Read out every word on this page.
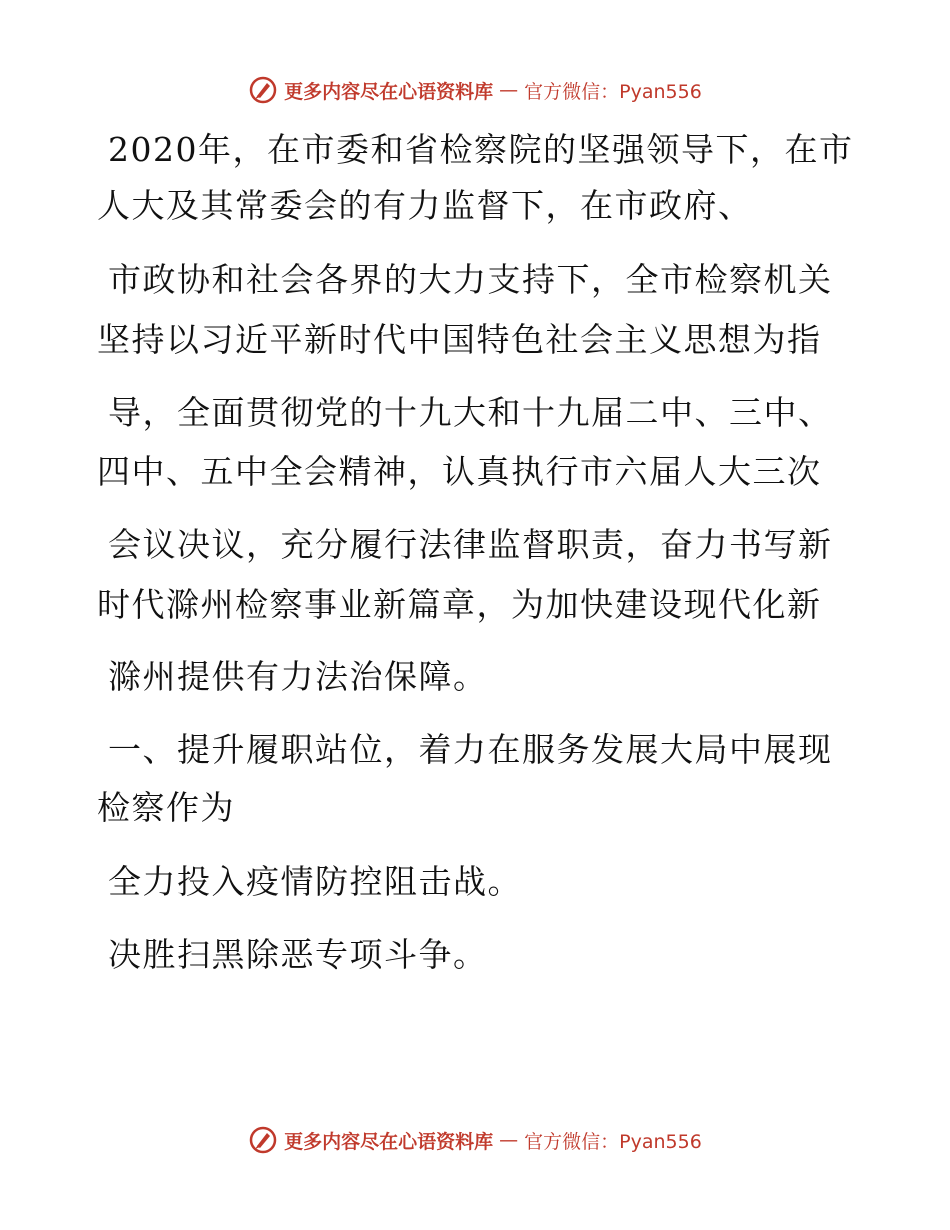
更多内容尽在心语资料库 — 官方微信：Pyan556
2020年，在市委和省检察院的坚强领导下，在市
人大及其常委会的有力监督下，在市政府、
市政协和社会各界的大力支持下，全市检察机关
坚持以习近平新时代中国特色社会主义思想为指
导，全面贯彻党的十九大和十九届二中、三中、
四中、五中全会精神，认真执行市六届人大三次
会议决议，充分履行法律监督职责，奋力书写新
时代滁州检察事业新篇章，为加快建设现代化新
滁州提供有力法治保障。
一、提升履职站位，着力在服务发展大局中展现
检察作为
全力投入疫情防控阻击战。
决胜扫黑除恶专项斗争。
更多内容尽在心语资料库 — 官方微信：Pyan556
